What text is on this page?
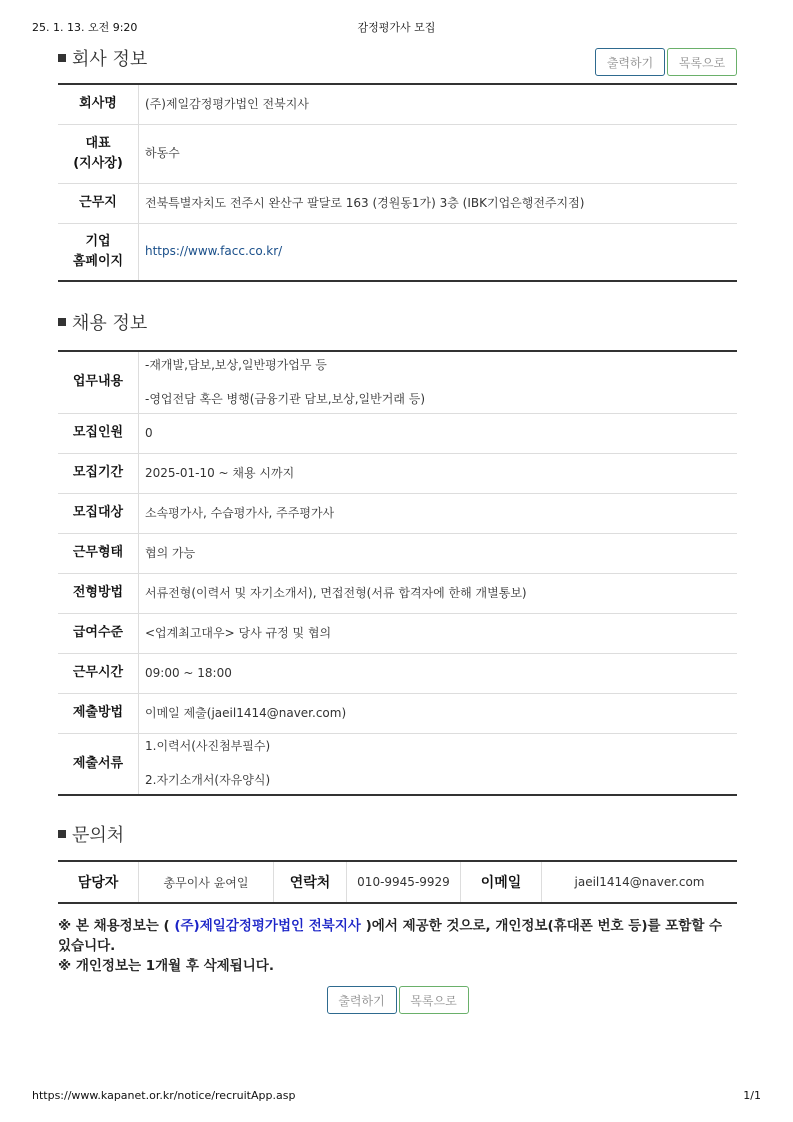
25. 1. 13. 오전 9:20	감정평가사 모집
회사 정보	출력하기 목록으로
회사명	(주)제일감정평가법인 전북지사
대표
(지사장)	하동수
근무지	전북특별자치도 전주시 완산구 팔달로 163 (경원동1가) 3층 (IBK기업은행전주지점)
기업
홈페이지	https://www.facc.co.kr/
채용 정보
업무내용	-재개발,담보,보상,일반평가업무 등

-영업전담 혹은 병행(금융기관 담보,보상,일반거래 등)

모집인원	0
모집기간	2025-01-10 ~ 채용 시까지
모집대상	소속평가사, 수습평가사, 주주평가사
근무형태	협의 가능
전형방법	서류전형(이력서 및 자기소개서), 면접전형(서류 합격자에 한해 개별통보)
급여수준	<업계최고대우> 당사 규정 및 협의
근무시간	09:00 ~ 18:00
제출방법	이메일 제출(jaeil1414@naver.com)
제출서류	1.이력서(사진첨부필수)

2.자기소개서(자유양식)

문의처
담당자	총무이사 윤여일	연락처	010-9945-9929	이메일	jaeil1414@naver.com
※ 본 채용정보는 ( (주)제일감정평가법인 전북지사 )에서 제공한 것으로, 개인정보(휴대폰 번호 등)를 포함할 수 있습니다.
※ 개인정보는 1개월 후 삭제됩니다.
출력하기 목록으로
https://www.kapanet.or.kr/notice/recruitApp.asp	1/1
